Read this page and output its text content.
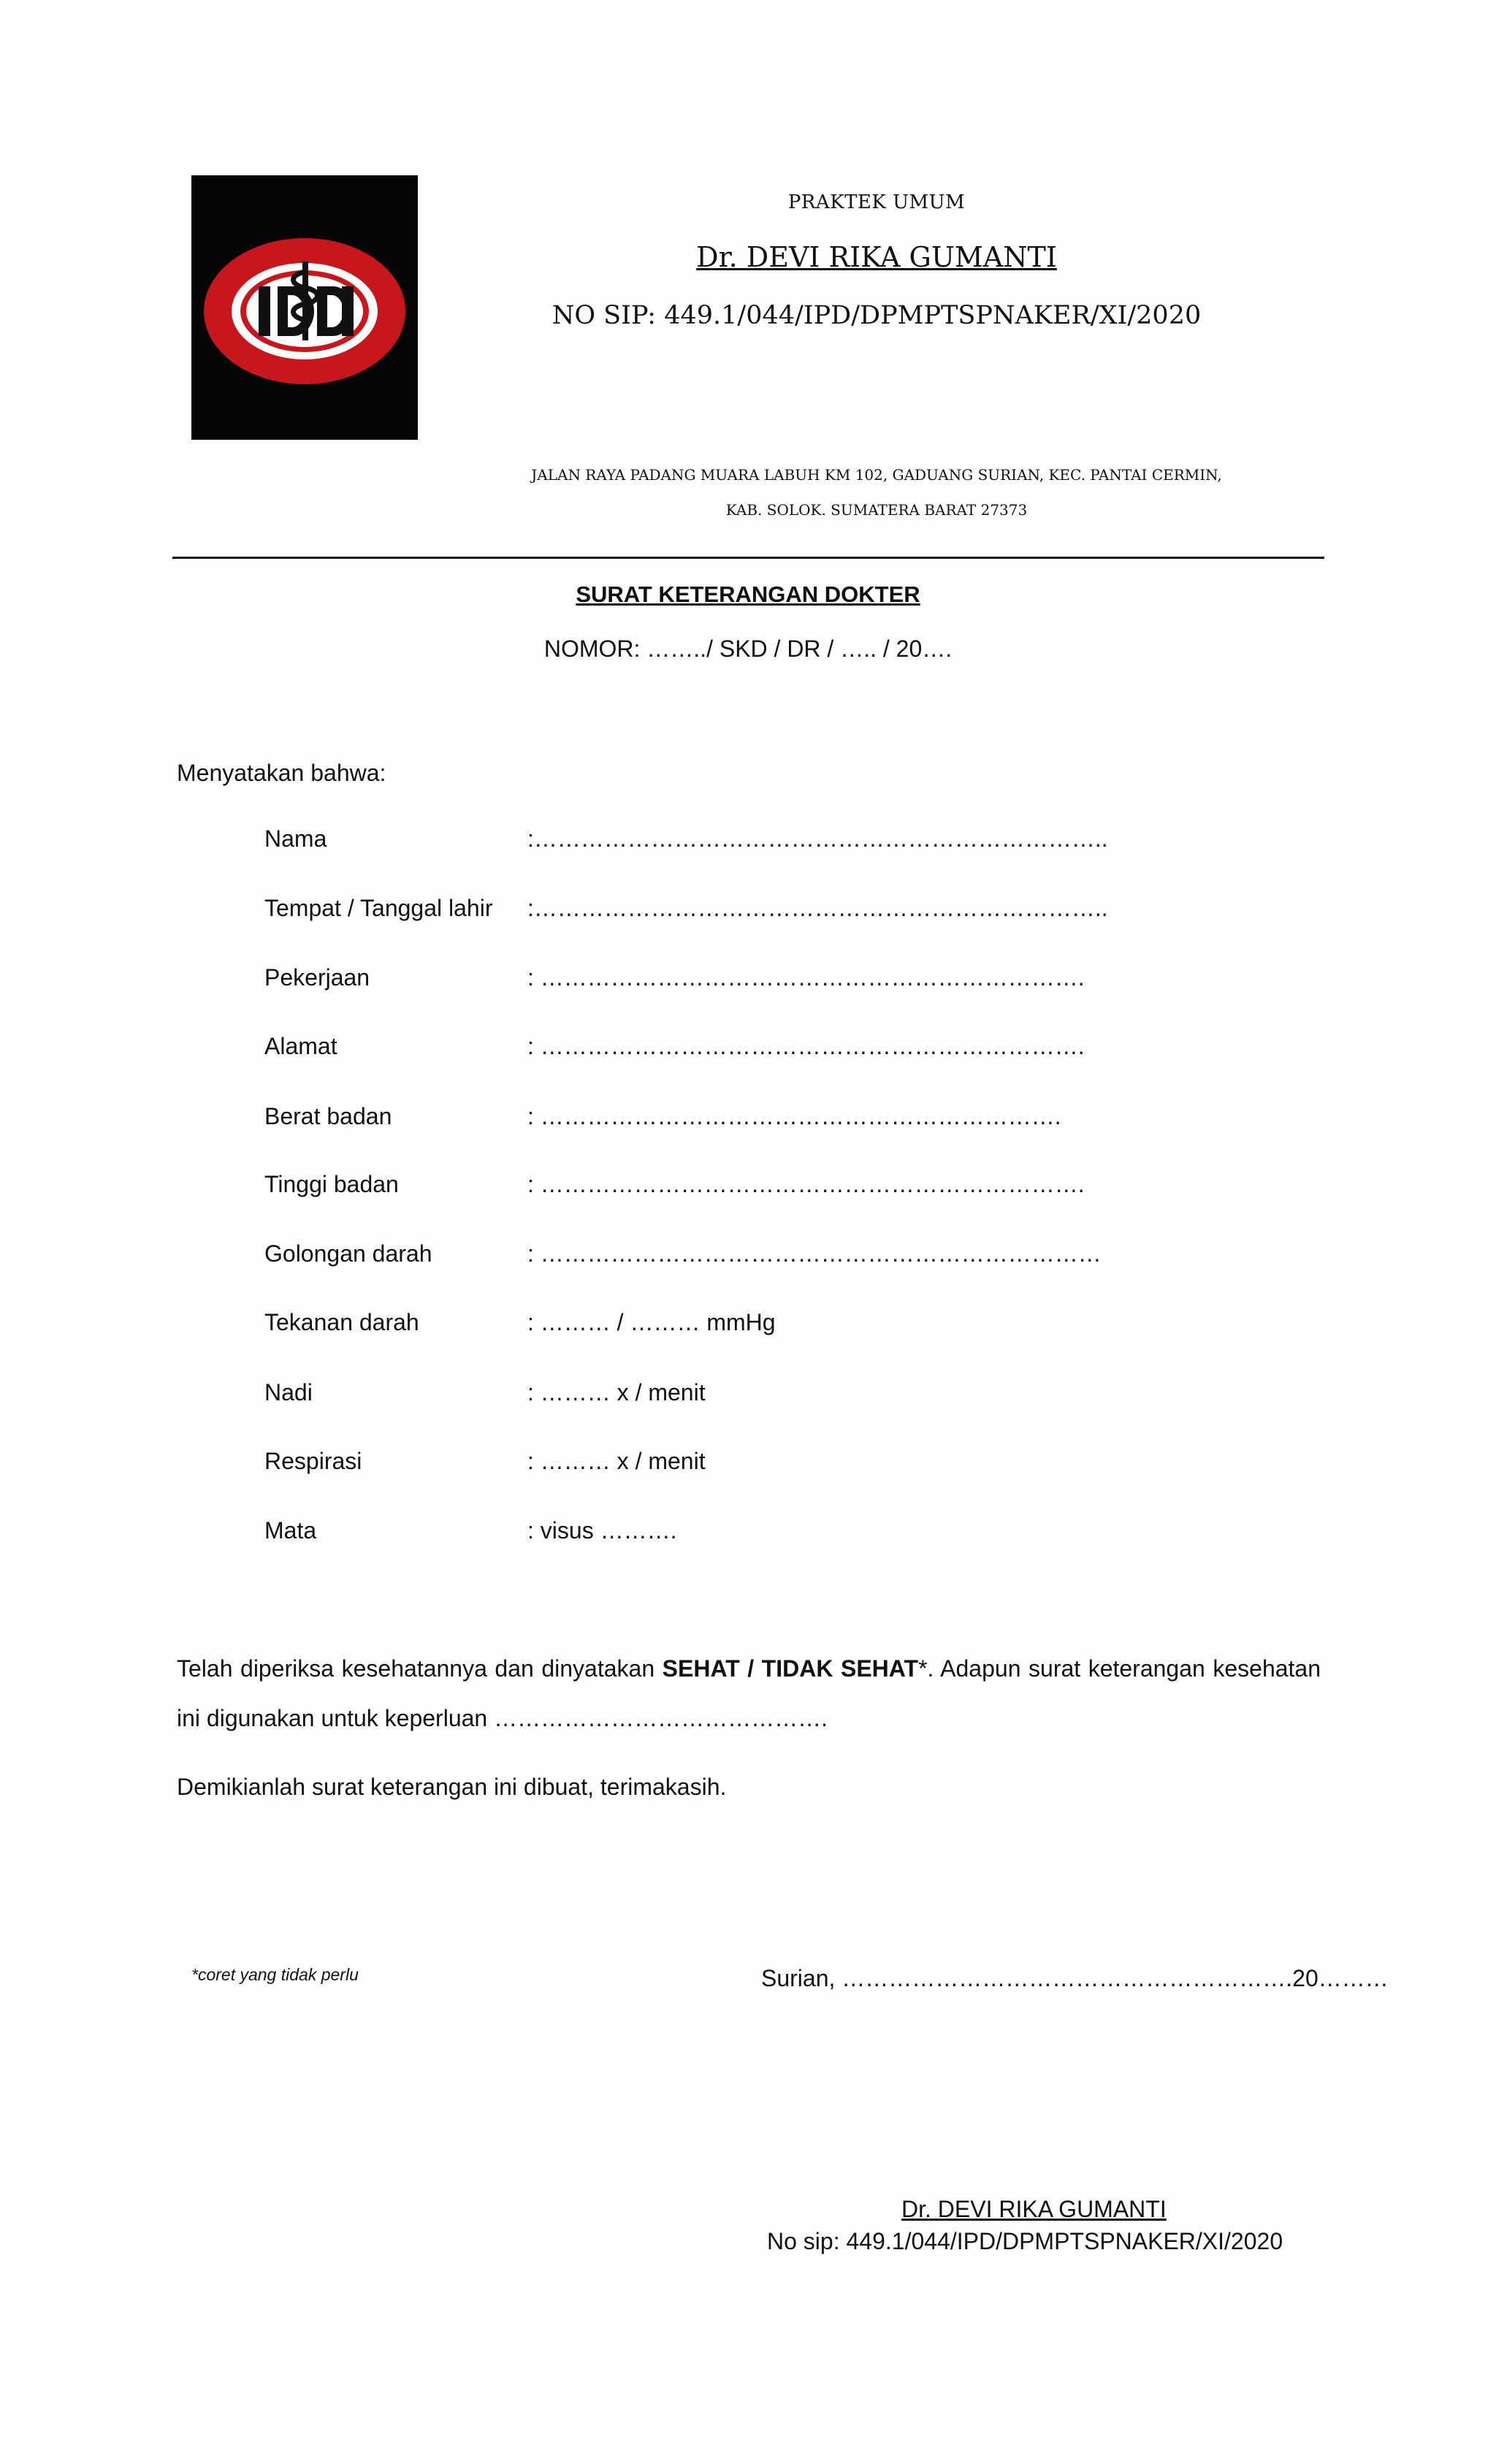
PRAKTEK UMUM
Dr. DEVI RIKA GUMANTI
NO SIP: 449.1/044/IPD/DPMPTSPNAKER/XI/2020
JALAN RAYA PADANG MUARA LABUH KM 102, GADUANG SURIAN, KEC. PANTAI CERMIN,
KAB. SOLOK. SUMATERA BARAT 27373
SURAT KETERANGAN DOKTER
NOMOR: ……../ SKD / DR / ….. / 20….
Menyatakan bahwa:
Nama	:………………………………………………………………..
Tempat / Tanggal lahir :………………………………………………………………..
Pekerjaan	: …………………………………………………………….
Alamat	: …………………………………………………………….
Berat badan	: ………………………………………………………….
Tinggi badan	: …………………………………………………………….
Golongan darah	: ………………………………………………………………
Tekanan darah	: ……… / ……… mmHg
Nadi	: ……… x / menit
Respirasi	: ……… x / menit
Mata	: visus ……….
Telah diperiksa kesehatannya dan dinyatakan SEHAT / TIDAK SEHAT*. Adapun surat keterangan kesehatan ini digunakan untuk keperluan …………………………………….
Demikianlah surat keterangan ini dibuat, terimakasih.
*coret yang tidak perlu	Surian, ………………………………………………….20………
Dr. DEVI RIKA GUMANTI
No sip: 449.1/044/IPD/DPMPTSPNAKER/XI/2020
